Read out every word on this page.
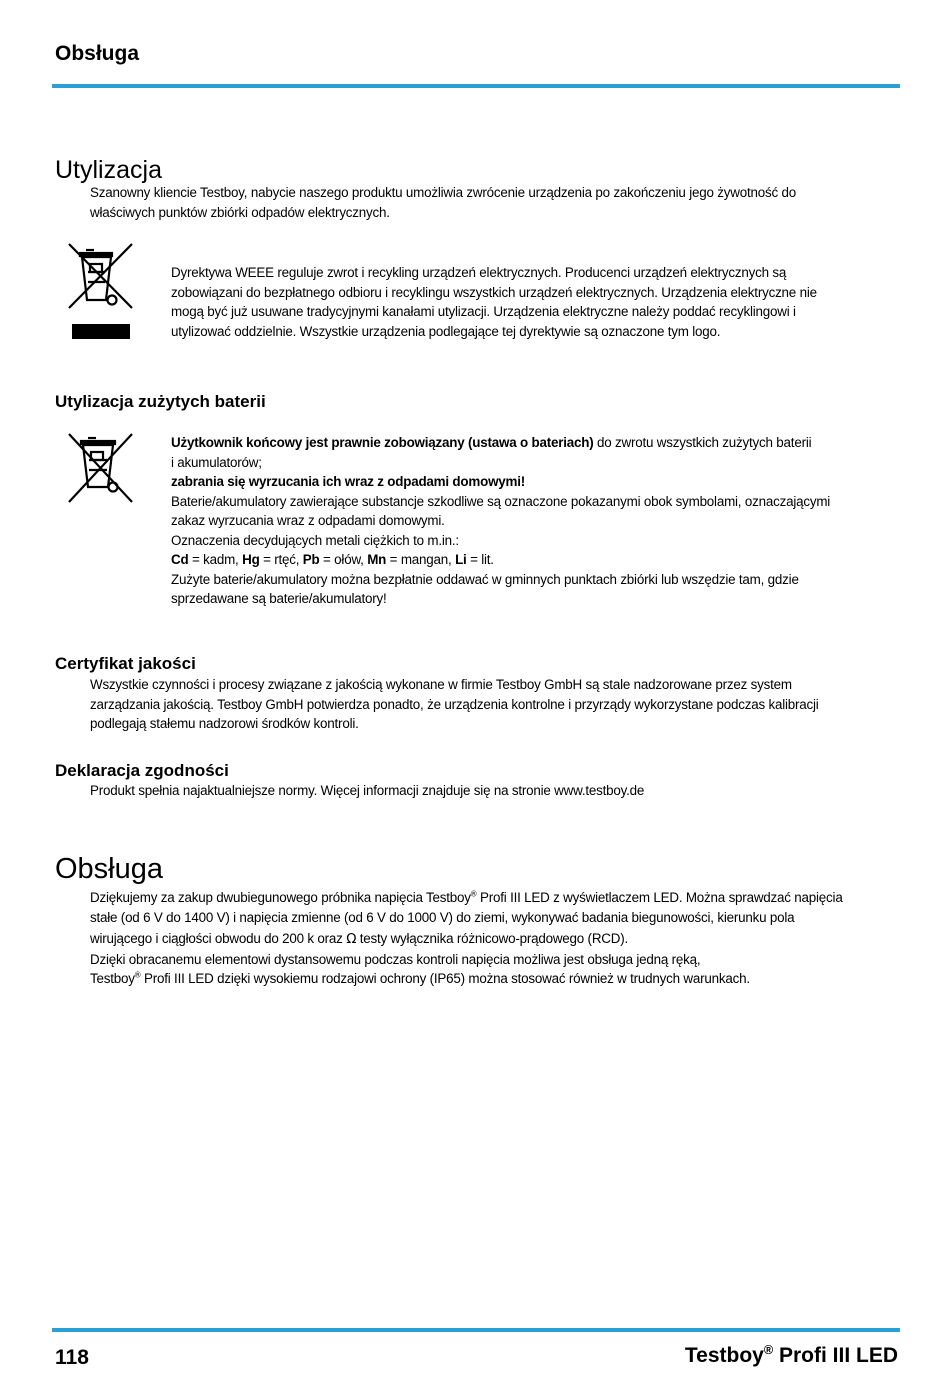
Obsługa
Utylizacja
Szanowny kliencie Testboy, nabycie naszego produktu umożliwia zwrócenie urządzenia po zakończeniu jego żywotność do
właściwych punktów zbiórki odpadów elektrycznych.
Dyrektywa WEEE reguluje zwrot i recykling urządzeń elektrycznych. Producenci urządzeń elektrycznych są
zobowiązani do bezpłatnego odbioru i recyklingu wszystkich urządzeń elektrycznych. Urządzenia elektryczne nie
mogą być już usuwane tradycyjnymi kanałami utylizacji. Urządzenia elektryczne należy poddać recyklingowi i
utylizować oddzielnie. Wszystkie urządzenia podlegające tej dyrektywie są oznaczone tym logo.
Utylizacja zużytych baterii
Użytkownik końcowy jest prawnie zobowiązany (ustawa o bateriach) do zwrotu wszystkich zużytych baterii
i akumulatorów;
zabrania się wyrzucania ich wraz z odpadami domowymi!
Baterie/akumulatory zawierające substancje szkodliwe są oznaczone pokazanymi obok symbolami, oznaczającymi
zakaz wyrzucania wraz z odpadami domowymi.
Oznaczenia decydujących metali ciężkich to m.in.:
Cd = kadm, Hg = rtęć, Pb = ołów, Mn = mangan, Li = lit.
Zużyte baterie/akumulatory można bezpłatnie oddawać w gminnych punktach zbiórki lub wszędzie tam, gdzie
sprzedawane są baterie/akumulatory!
Certyfikat jakości
Wszystkie czynności i procesy związane z jakością wykonane w firmie Testboy GmbH są stale nadzorowane przez system
zarządzania jakością. Testboy GmbH potwierdza ponadto, że urządzenia kontrolne i przyrządy wykorzystane podczas kalibracji
podlegają stałemu nadzorowi środków kontroli.
Deklaracja zgodności
Produkt spełnia najaktualniejsze normy. Więcej informacji znajduje się na stronie www.testboy.de
Obsługa
Dziękujemy za zakup dwubiegunowego próbnika napięcia Testboy® Profi III LED z wyświetlaczem LED. Można sprawdzać napięcia
stałe (od 6 V do 1400 V) i napięcia zmienne (od 6 V do 1000 V) do ziemi, wykonywać badania biegunowości, kierunku pola
wirującego i ciągłości obwodu do 200 k oraz Ω testy wyłącznika różnicowo-prądowego (RCD).
Dzięki obracanemu elementowi dystansowemu podczas kontroli napięcia możliwa jest obsługa jedną ręką,
Testboy® Profi III LED dzięki wysokiemu rodzajowi ochrony (IP65) można stosować również w trudnych warunkach.
118	Testboy® Profi III LED
